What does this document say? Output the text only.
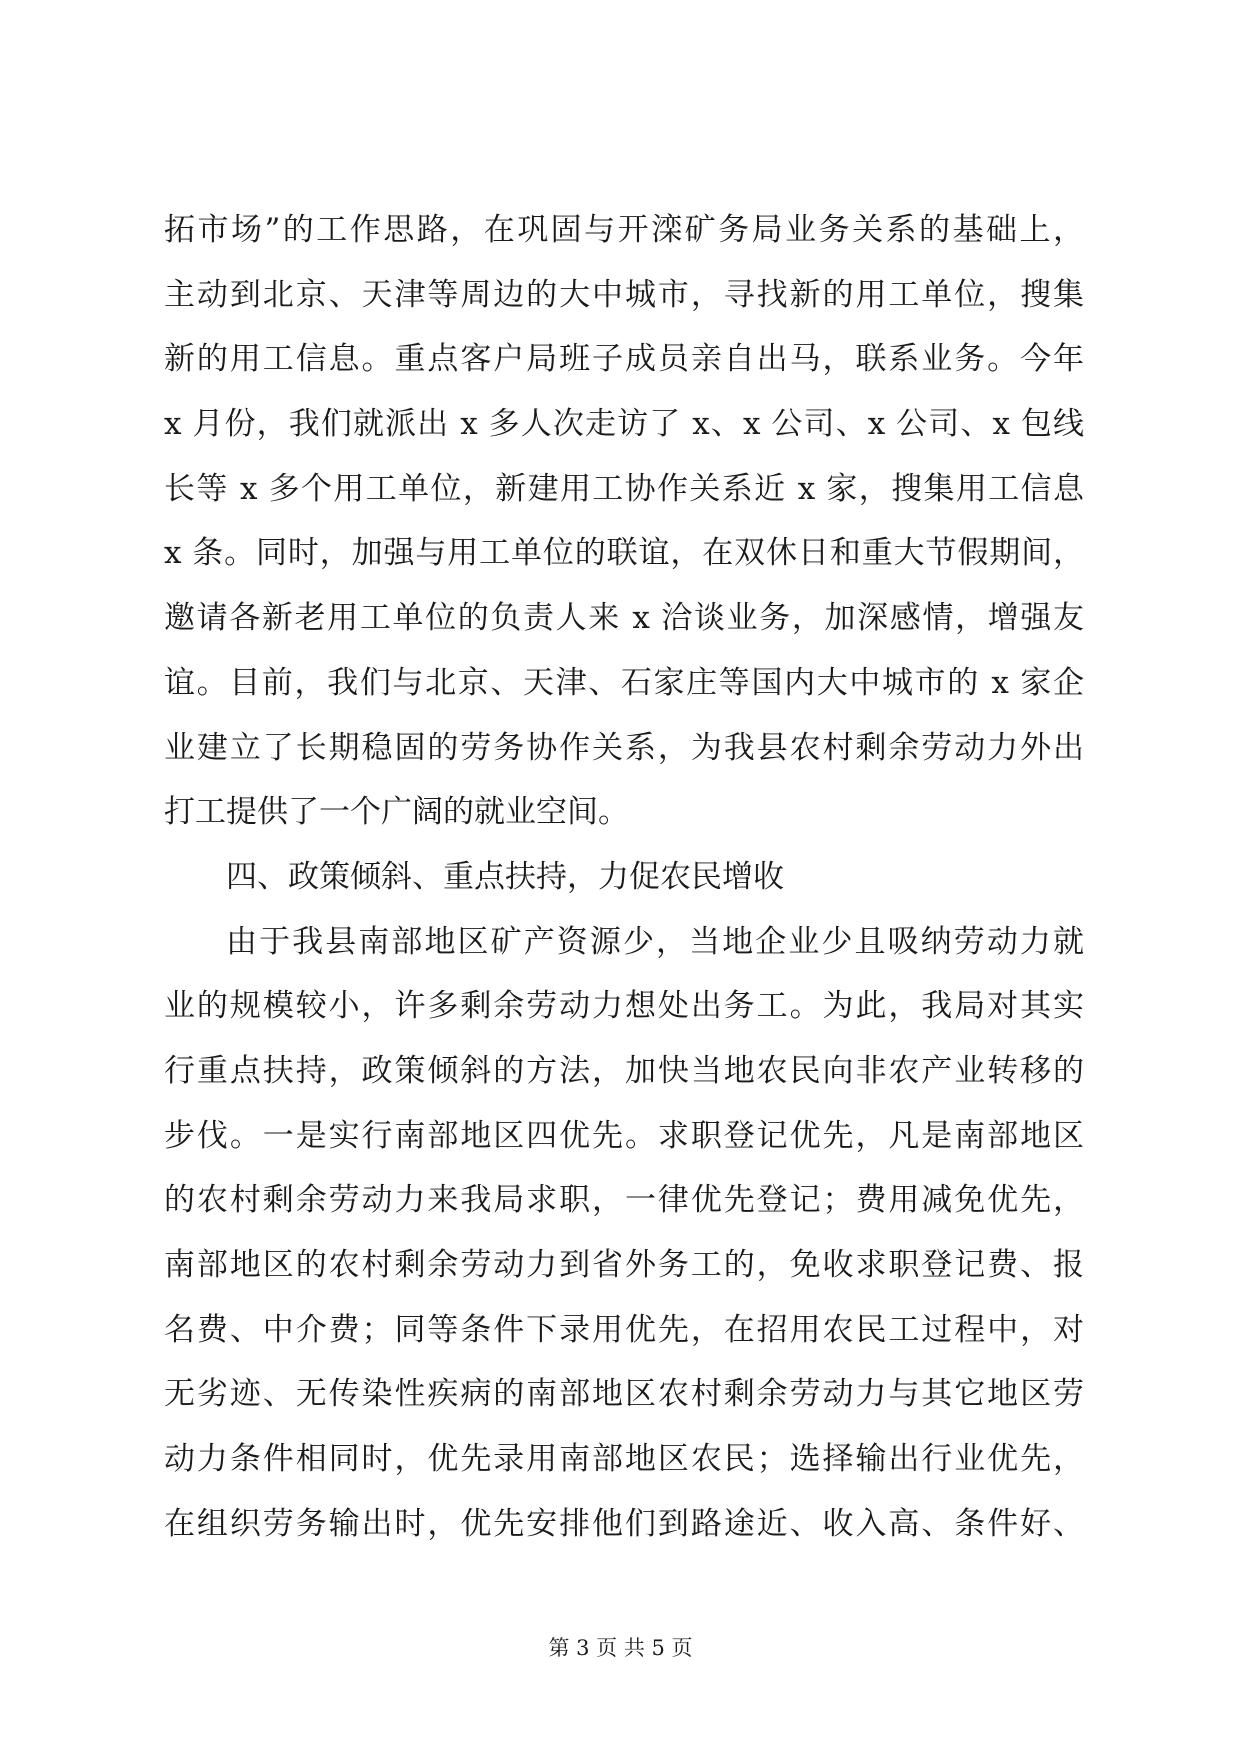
拓市场”的工作思路，在巩固与开滦矿务局业务关系的基础上，
主动到北京、天津等周边的大中城市，寻找新的用工单位，搜集
新的用工信息。重点客户局班子成员亲自出马，联系业务。今年
x 月份，我们就派出 x 多人次走访了 x、x 公司、x 公司、x 包线
长等 x 多个用工单位，新建用工协作关系近 x 家，搜集用工信息
x 条。同时，加强与用工单位的联谊，在双休日和重大节假期间，
邀请各新老用工单位的负责人来 x 洽谈业务，加深感情，增强友
谊。目前，我们与北京、天津、石家庄等国内大中城市的 x 家企
业建立了长期稳固的劳务协作关系，为我县农村剩余劳动力外出
打工提供了一个广阔的就业空间。
四、政策倾斜、重点扶持，力促农民增收
由于我县南部地区矿产资源少，当地企业少且吸纳劳动力就
业的规模较小，许多剩余劳动力想处出务工。为此，我局对其实
行重点扶持，政策倾斜的方法，加快当地农民向非农产业转移的
步伐。一是实行南部地区四优先。求职登记优先，凡是南部地区
的农村剩余劳动力来我局求职，一律优先登记；费用减免优先，
南部地区的农村剩余劳动力到省外务工的，免收求职登记费、报
名费、中介费；同等条件下录用优先，在招用农民工过程中，对
无劣迹、无传染性疾病的南部地区农村剩余劳动力与其它地区劳
动力条件相同时，优先录用南部地区农民；选择输出行业优先，
在组织劳务输出时，优先安排他们到路途近、收入高、条件好、
第 3 页 共 5 页
